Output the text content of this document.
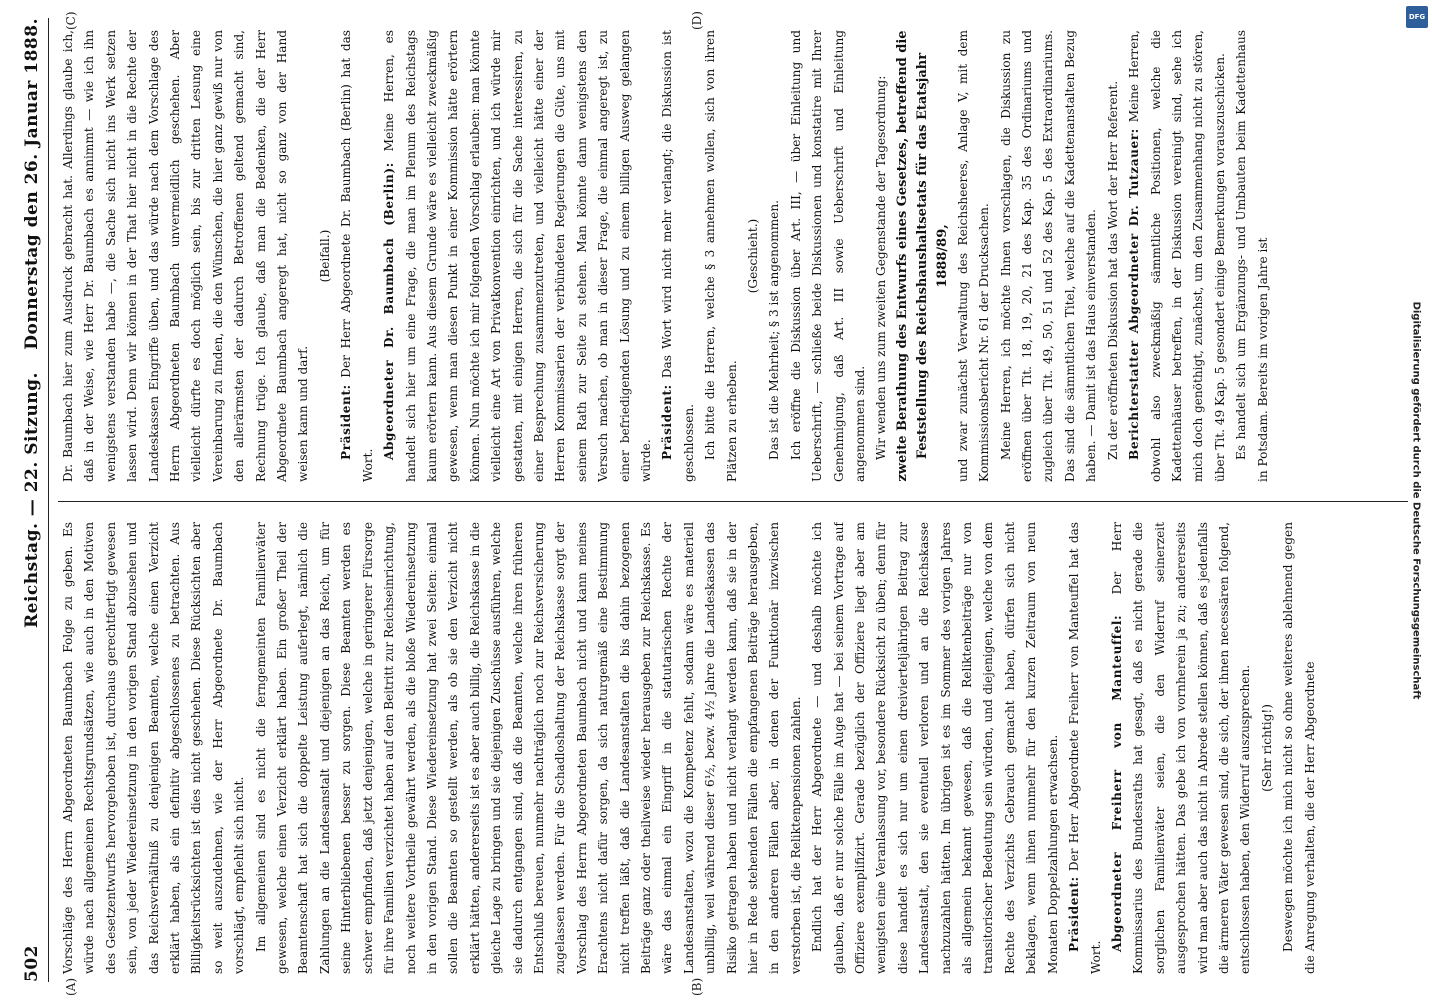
502
Reichstag. — 22. Sitzung.
Donnerstag den 26. Januar 1888.
(A)	(B)
(C)	(D)

Vorschläge des Herrn Abgeordneten Baumbach Folge zu geben. Es würde nach allgemeinen Rechtsgrundsätzen, wie auch in den Motiven des Gesetzentwurfs hervorgehoben ist, durchaus gerechtfertigt gewesen sein, von jeder Wiedereinsetzung in den vorigen Stand abzusehen und das Reichsverhältniß zu denjenigen Beamten, welche einen Verzicht erklärt haben, als ein definitiv abgeschlossenes zu betrachten. Aus Billigkeitsrücksichten ist dies nicht geschehen. Diese Rücksichten aber so weit auszudehnen, wie der Herr Abgeordnete Dr. Baumbach vorschlägt, empfiehlt sich nicht. Im allgemeinen sind es nicht die ferngemeinten Familienväter gewesen, welche einen Verzicht erklärt haben. Ein großer Theil der Beamtenschaft hat sich die doppelte Leistung auferlegt, nämlich die Zahlungen an die Landesanstalt und diejenigen an das Reich, um für seine Hinterbliebenen besser zu sorgen. Diese Beamten werden es schwer empfinden, daß jetzt denjenigen, welche in geringerer Fürsorge für ihre Familien verzichtet haben auf den Beitritt zur Reichseinrichtung, noch weitere Vortheile gewährt werden, als die bloße Wiedereinsetzung in den vorigen Stand. Diese Wiedereinsetzung hat zwei Seiten: einmal sollen die Beamten so gestellt werden, als ob sie den Verzicht nicht erklärt hätten, andererseits ist es aber auch billig, die Reichskasse in die gleiche Lage zu bringen und sie diejenigen Zuschüsse ausführen, welche sie dadurch entgangen sind, daß die Beamten, welche ihren früheren Entschluß bereuen, nunmehr nachträglich noch zur Reichsversicherung zugelassen werden. Für die Schadloshaltung der Reichskasse sorgt der Vorschlag des Herrn Abgeordneten Baumbach nicht und kann meines Erachtens nicht dafür sorgen, da sich naturgemäß eine Bestimmung nicht treffen läßt, daß die Landesanstalten die bis dahin bezogenen Beiträge ganz oder theilweise wieder herausgeben zur Reichskasse. Es wäre das einmal ein Eingriff in die statutarischen Rechte der Landesanstalten, wozu die Kompetenz fehlt, sodann wäre es materiell unbillig, weil während dieser 6½, bezw. 4½ Jahre die Landeskassen das Risiko getragen haben und nicht verlangt werden kann, daß sie in der hier in Rede stehenden Fällen die empfangenen Beiträge herausgeben, in den anderen Fällen aber, in denen der Funktionär inzwischen verstorben ist, die Reliktenpensionen zahlen. Endlich hat der Herr Abgeordnete — und deshalb möchte ich glauben, daß er nur solche Fälle im Auge hat — bei seinem Vortrage auf Offiziere exemplifizirt. Gerade bezüglich der Offiziere liegt aber am wenigsten eine Veranlassung vor, besondere Rücksicht zu üben; denn für diese handelt es sich nur um einen dreivierteljährigen Beitrag zur Landesanstalt, den sie eventuell verloren und an die Reichskasse nachzuzahlen hätten. Im übrigen ist es im Sommer des vorigen Jahres als allgemein bekannt gewesen, daß die Reliktenbeiträge nur von transitorischer Bedeutung sein würden, und diejenigen, welche von dem Rechte des Verzichts Gebrauch gemacht haben, dürfen sich nicht beklagen, wenn ihnen nunmehr für den kurzen Zeitraum von neun Monaten Doppelzahlungen erwachsen. Präsident: Der Herr Abgeordnete Freiherr von Manteuffel hat das Wort.

Abgeordneter Freiherr von Manteuffel: Der Herr Kommissarius des Bundesraths hat gesagt, daß es nicht gerade die sorglichen Familienväter seien, die den Widerruf seinerzeit ausgesprochen hätten. Das gebe ich von vornherein ja zu; andererseits wird man aber auch das nicht in Abrede stellen können, daß es jedenfalls die ärmeren Väter gewesen sind, die sich, der ihnen necessären folgend, entschlossen haben, den Widerruf auszusprechen. (Sehr richtig!) Deswegen möchte ich mich nicht so ohne weiteres ablehnend gegen die Anregung verhalten, die der Herr Abgeordnete

Dr. Baumbach hier zum Ausdruck gebracht hat. Allerdings glaube ich, daß in der Weise, wie Herr Dr. Baumbach es annimmt — wie ich ihn wenigstens verstanden habe —, die Sache sich nicht ins Werk setzen lassen wird. Denn wir können in der That hier nicht in die Rechte der Landeskassen Eingriffe üben, und das würde nach dem Vorschlage des Herrn Abgeordneten Baumbach unvermeidlich geschehen. Aber vielleicht dürfte es doch möglich sein, bis zur dritten Lesung eine Vereinbarung zu finden, die den Wünschen, die hier ganz gewiß nur von den allerärmsten der dadurch Betroffenen geltend gemacht sind, Rechnung trüge. Ich glaube, daß man die Bedenken, die der Herr Abgeordnete Baumbach angeregt hat, nicht so ganz von der Hand weisen kann und darf.

(Beifall.)

Präsident: Der Herr Abgeordnete Dr. Baumbach (Berlin) hat das Wort.

Abgeordneter Dr. Baumbach (Berlin): Meine Herren, es handelt sich hier um eine Frage, die man im Plenum des Reichstags kaum erörtern kann. Aus diesem Grunde wäre es vielleicht zweckmäßig gewesen, wenn man diesen Punkt in einer Kommission hätte erörtern können. Nun möchte ich mir folgenden Vorschlag erlauben: man könnte vielleicht eine Art von Privatkonvention einrichten, und ich würde mir gestatten, mit einigen Herren, die sich für die Sache interessiren, zu einer Besprechung zusammenzutreten, und vielleicht hätte einer der Herren Kommissarien der verbündeten Regierungen die Güte, uns mit seinem Rath zur Seite zu stehen. Man könnte dann wenigstens den Versuch machen, ob man in dieser Frage, die einmal angeregt ist, zu einer befriedigenden Lösung und zu einem billigen Ausweg gelangen würde.

Präsident: Das Wort wird nicht mehr verlangt; die Diskussion ist geschlossen. Ich bitte die Herren, welche § 3 annehmen wollen, sich von ihren Plätzen zu erheben.

(Geschieht.) Das ist die Mehrheit; § 3 ist angenommen. Ich eröffne die Diskussion über Art. III, — über Einleitung und Ueberschrift, — schließe beide Diskussionen und konstatire mit Ihrer Genehmigung, daß Art. III sowie Ueberschrift und Einleitung angenommen sind. Wir wenden uns zum zweiten Gegenstande der Tagesordnung: zweite Berathung des Entwurfs eines Gesetzes, betreffend die Feststellung des Reichshaushaltsetats für das Etatsjahr 1888/89, und zwar zunächst Verwaltung des Reichsheeres, Anlage V, mit dem Kommissionsbericht Nr. 61 der Drucksachen. Meine Herren, ich möchte Ihnen vorschlagen, die Diskussion zu eröffnen über Tit. 18, 19, 20, 21 des Kap. 35 des Ordinariums und zugleich über Tit. 49, 50, 51 und 52 des Kap. 5 des Extraordinariums. Das sind die sämmtlichen Titel, welche auf die Kadettenanstalten Bezug haben. — Damit ist das Haus einverstanden. Zu der eröffneten Diskussion hat das Wort der Herr Referent. Berichterstatter Abgeordneter Dr. Tutzauer: Meine Herren, obwohl also zweckmäßig sämmtliche Positionen, welche die Kadettenhäuser betreffen, in der Diskussion vereinigt sind, sehe ich mich doch genöthigt, zunächst, um den Zusammenhang nicht zu stören, über Tit. 49 Kap. 5 gesondert einige Bemerkungen vorauszuschicken. Es handelt sich um Ergänzungs- und Umbauten beim Kadettenhaus in Potsdam. Bereits im vorigen Jahre ist

DFG
Digitalisierung gefördert durch die Deutsche Forschungsgemeinschaft
